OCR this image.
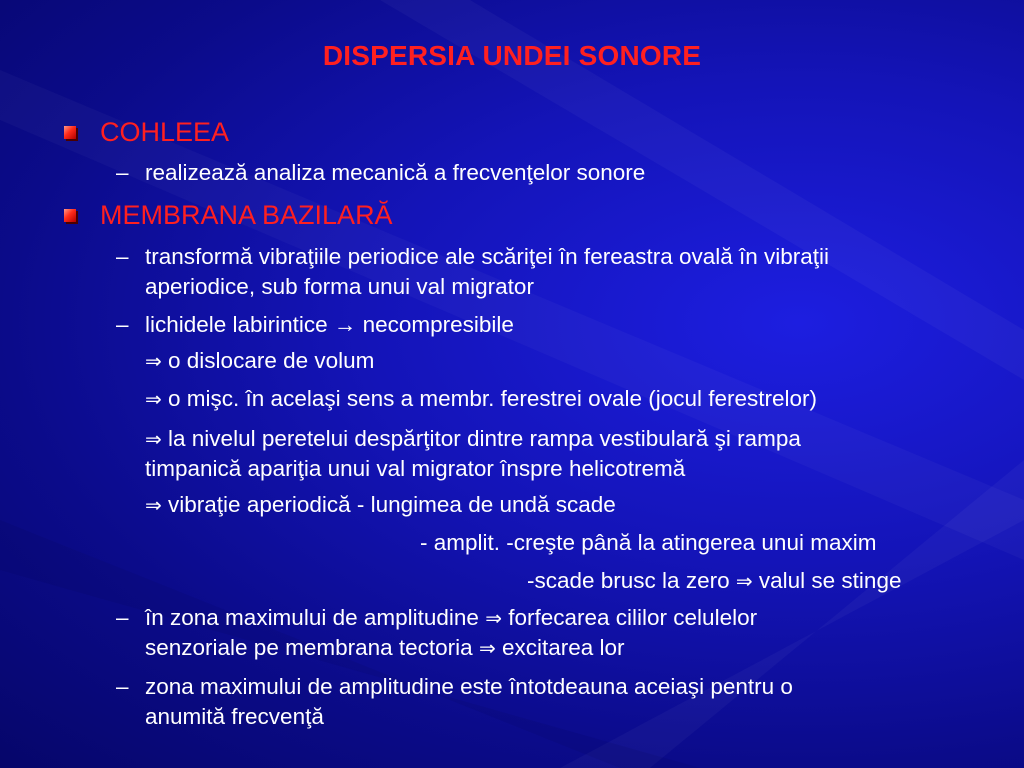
DISPERSIA UNDEI SONORE
COHLEEA
– realizează analiza mecanică a frecvenţelor sonore
MEMBRANA BAZILARĂ
– transformă vibraţiile periodice ale scăriţei în fereastra ovală în vibraţii
aperiodice, sub forma unui val migrator
– lichidele labirintice → necompresibile
⇒ o dislocare de volum
⇒ o mişc. în acelaşi sens a membr. ferestrei ovale (jocul ferestrelor)
⇒ la nivelul peretelui despărţitor dintre rampa vestibulară şi rampa
timpanică apariţia unui val migrator înspre helicotremă
⇒ vibraţie aperiodică - lungimea de undă scade
- amplit. -creşte până la atingerea unui maxim
-scade brusc la zero ⇒ valul se stinge
– în zona maximului de amplitudine ⇒ forfecarea cililor celulelor
senzoriale pe membrana tectoria ⇒ excitarea lor
– zona maximului de amplitudine este întotdeauna aceiaşi pentru o
anumită frecvenţă
